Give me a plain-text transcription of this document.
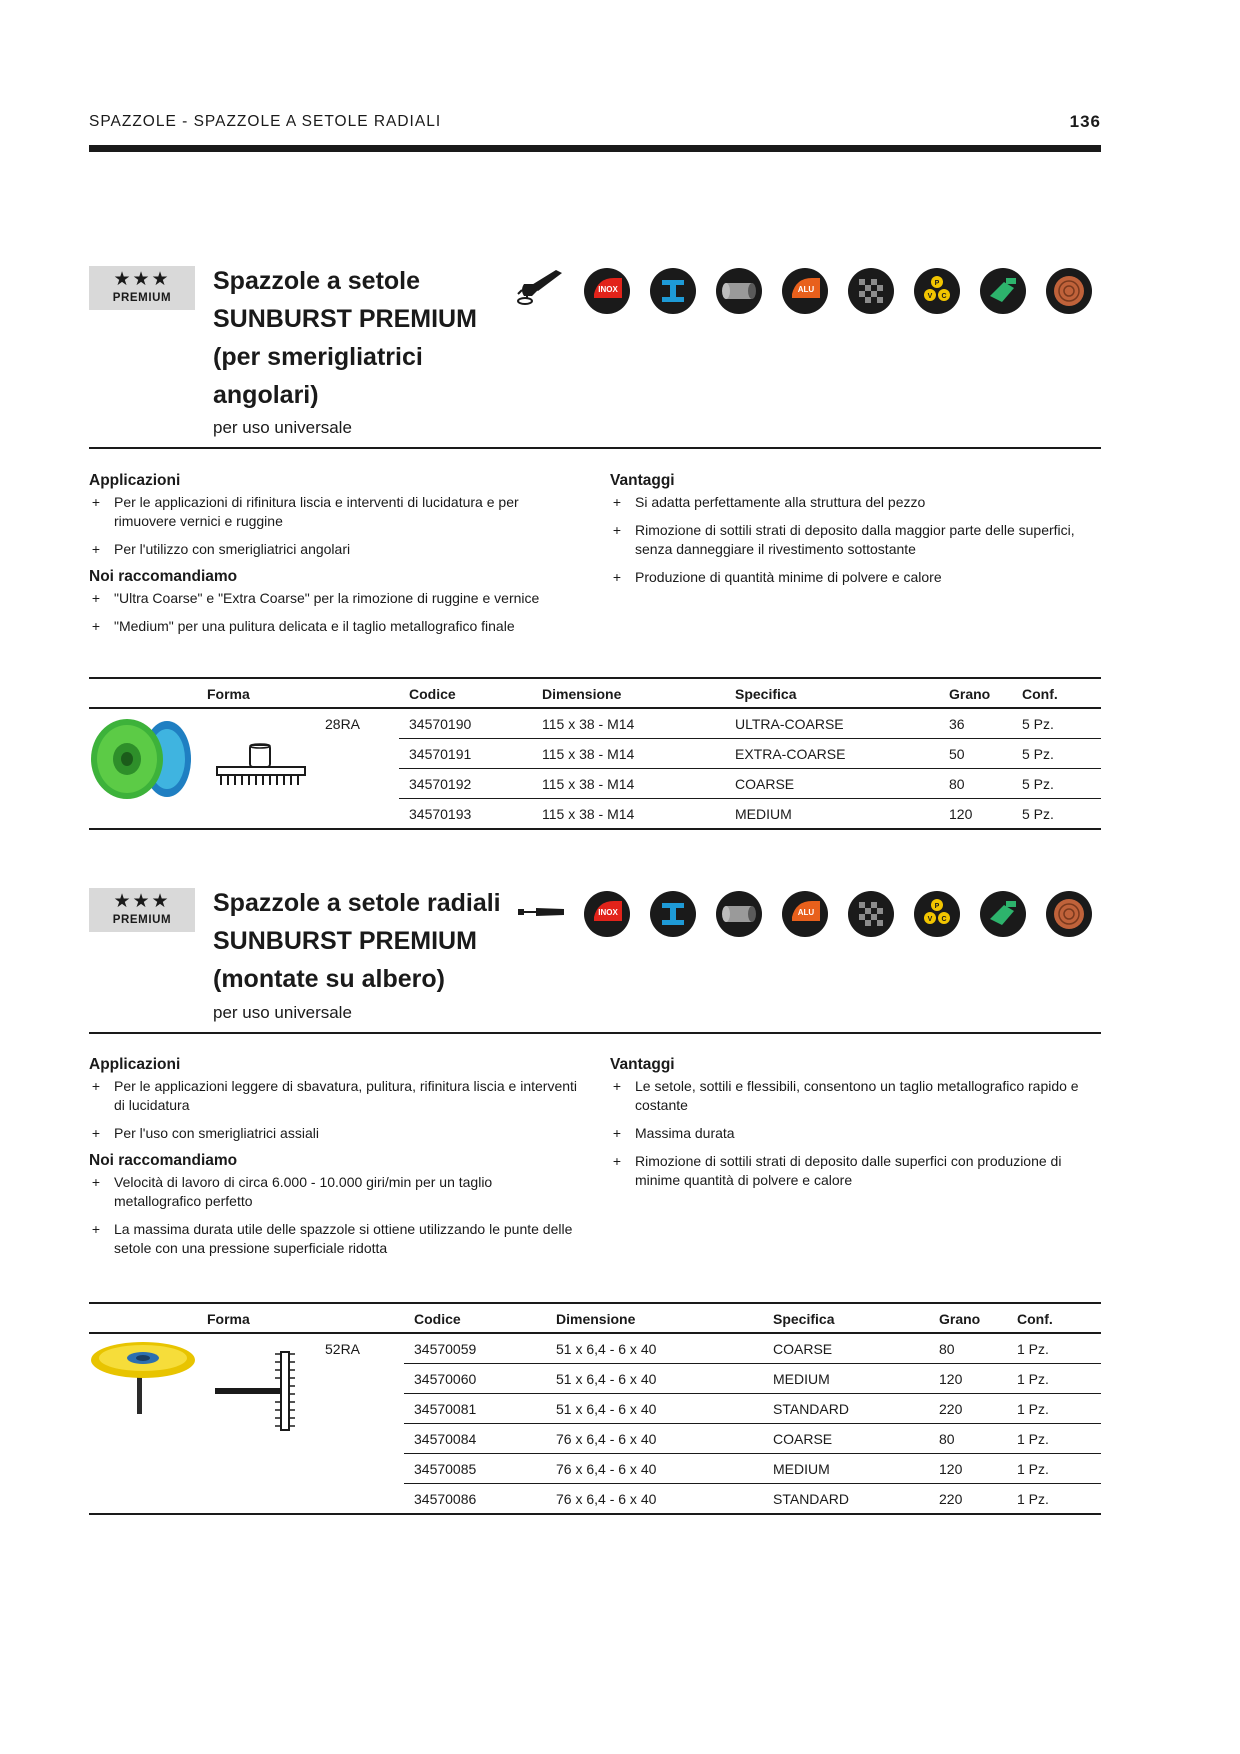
SPAZZOLE - SPAZZOLE A SETOLE RADIALI	136
★★★
PREMIUM
Spazzole a setole
SUNBURST PREMIUM
(per smerigliatrici
angolari)
per uso universale
INOX	ALU
P
V C
Applicazioni
+ Per le applicazioni di rifinitura liscia e interventi di lucidatura e per rimuovere vernici e ruggine
+ Per l'utilizzo con smerigliatrici angolari
Noi raccomandiamo
+ "Ultra Coarse" e "Extra Coarse" per la rimozione di ruggine e vernice
+ "Medium" per una pulitura delicata e il taglio metallografico finale
Vantaggi
+ Si adatta perfettamente alla struttura del pezzo
+ Rimozione di sottili strati di deposito dalla maggior parte delle superfici, senza danneggiare il rivestimento sottostante
+ Produzione di quantità minime di polvere e calore
Forma	Codice	Dimensione	Specifica	Grano Conf.
28RA	34570190	115 x 38 - M14	ULTRA-COARSE	36	5 Pz.
34570191	115 x 38 - M14	EXTRA-COARSE	50	5 Pz.
34570192	115 x 38 - M14	COARSE	80	5 Pz.
34570193	115 x 38 - M14	MEDIUM	120	5 Pz.
★★★
PREMIUM
Spazzole a setole radiali
SUNBURST PREMIUM
(montate su albero)
per uso universale
INOX	ALU
P
V C
Applicazioni
+ Per le applicazioni leggere di sbavatura, pulitura, rifinitura liscia e interventi di lucidatura
+ Per l'uso con smerigliatrici assiali
Noi raccomandiamo
+ Velocità di lavoro di circa 6.000 - 10.000 giri/min per un taglio metallografico perfetto
+ La massima durata utile delle spazzole si ottiene utilizzando le punte delle setole con una pressione superficiale ridotta
Vantaggi
+ Le setole, sottili e flessibili, consentono un taglio metallografico rapido e costante
+ Massima durata
+ Rimozione di sottili strati di deposito dalle superfici con produzione di minime quantità di polvere e calore
Forma	Codice	Dimensione	Specifica	Grano	Conf.
52RA	34570059	51 x 6,4 - 6 x 40	COARSE	80	1 Pz.
34570060	51 x 6,4 - 6 x 40	MEDIUM	120	1 Pz.
34570081	51 x 6,4 - 6 x 40	STANDARD	220	1 Pz.
34570084	76 x 6,4 - 6 x 40	COARSE	80	1 Pz.
34570085	76 x 6,4 - 6 x 40	MEDIUM	120	1 Pz.
34570086	76 x 6,4 - 6 x 40	STANDARD	220	1 Pz.
